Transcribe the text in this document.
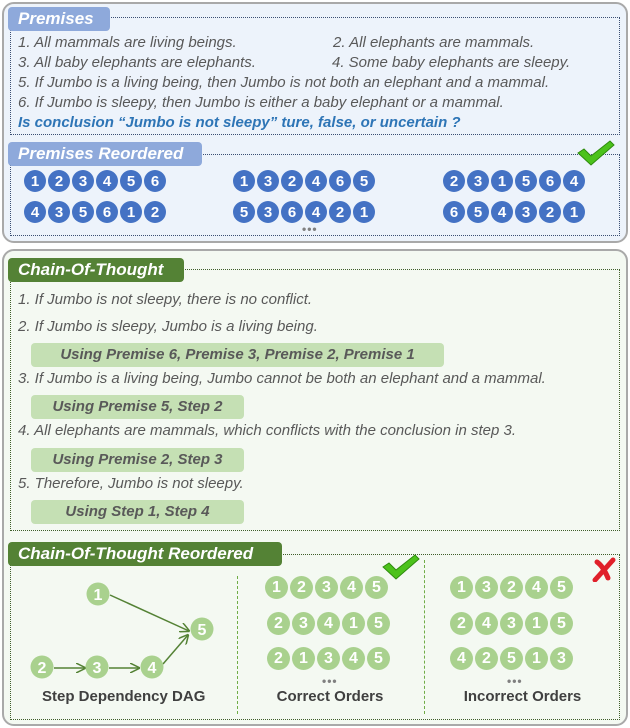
Premises
1. All mammals are living beings.	2. All elephants are mammals.
3. All baby elephants are elephants.	4. Some baby elephants are sleepy.
5. If Jumbo is a living being, then Jumbo is not both an elephant and a mammal.
6. If Jumbo is sleepy, then Jumbo is either a baby elephant or a mammal.
Is conclusion “Jumbo is not sleepy” ture, false, or uncertain ?
Premises Reordered
1	2	3	4	5	6
4	3	5	6	1	2
1	3	2	4	6	5
5	3	6	4	2	1
•••
2	3	1	5	6	4
6	5	4	3	2	1
Chain-Of-Thought
1. If Jumbo is not sleepy, there is no conflict.
2. If Jumbo is sleepy, Jumbo is a living being.
Using Premise 6, Premise 3, Premise 2, Premise 1
3. If Jumbo is a living being, Jumbo cannot be both an elephant and a mammal.
Using Premise 5, Step 2
4. All elephants are mammals, which conflicts with the conclusion in step 3.
Using Premise 2, Step 3
5. Therefore, Jumbo is not sleepy.
Using Step 1, Step 4
Chain-Of-Thought Reordered
1
2	3	4
5
Step Dependency DAG
1	2	3	4	5
2	3	4	1	5
2	1	3	4	5
•••
Correct Orders
1	3	2	4	5
2	4	3	1	5
4	2	5	1	3
•••
Incorrect Orders
